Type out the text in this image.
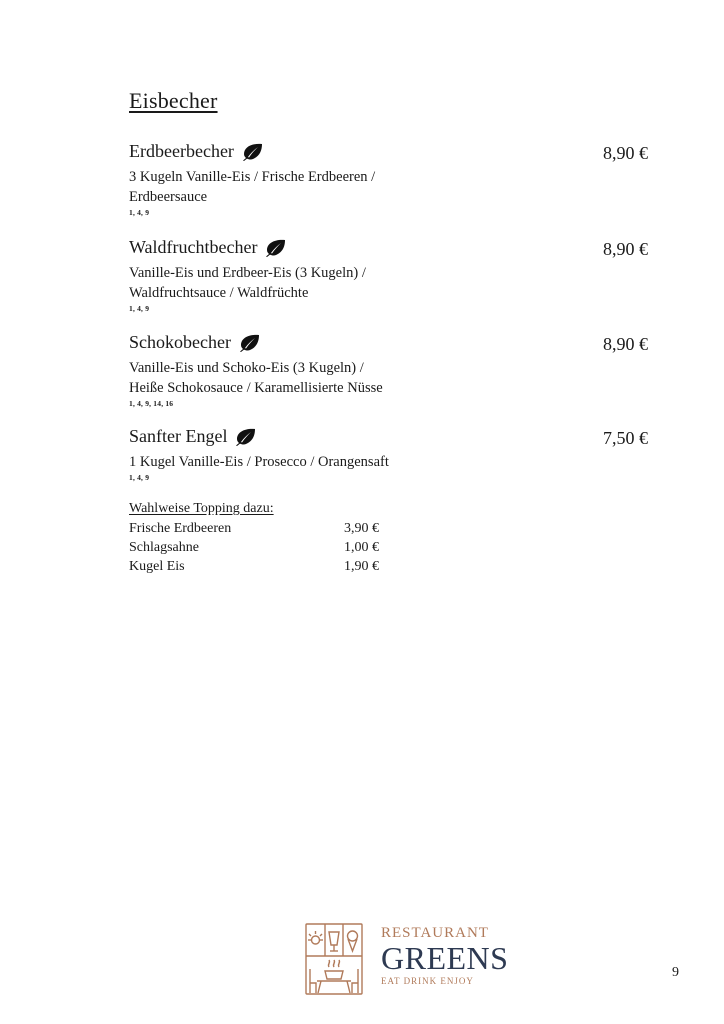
Eisbecher
Erdbeerbecher	8,90 €
3 Kugeln Vanille-Eis / Frische Erdbeeren /
Erdbeersauce
1, 4, 9
Waldfruchtbecher	8,90 €
Vanille-Eis und Erdbeer-Eis (3 Kugeln) /
Waldfruchtsauce / Waldfrüchte
1, 4, 9
Schokobecher	8,90 €
Vanille-Eis und Schoko-Eis (3 Kugeln) /
Heiße Schokosauce / Karamellisierte Nüsse
1, 4, 9, 14, 16
Sanfter Engel	7,50 €
1 Kugel Vanille-Eis / Prosecco / Orangensaft
1, 4, 9
Wahlweise Topping dazu:
Frische Erdbeeren	3,90 €
Schlagsahne	1,00 €
Kugel Eis	1,90 €
RESTAURANT
GREENS
EAT DRINK ENJOY
9
